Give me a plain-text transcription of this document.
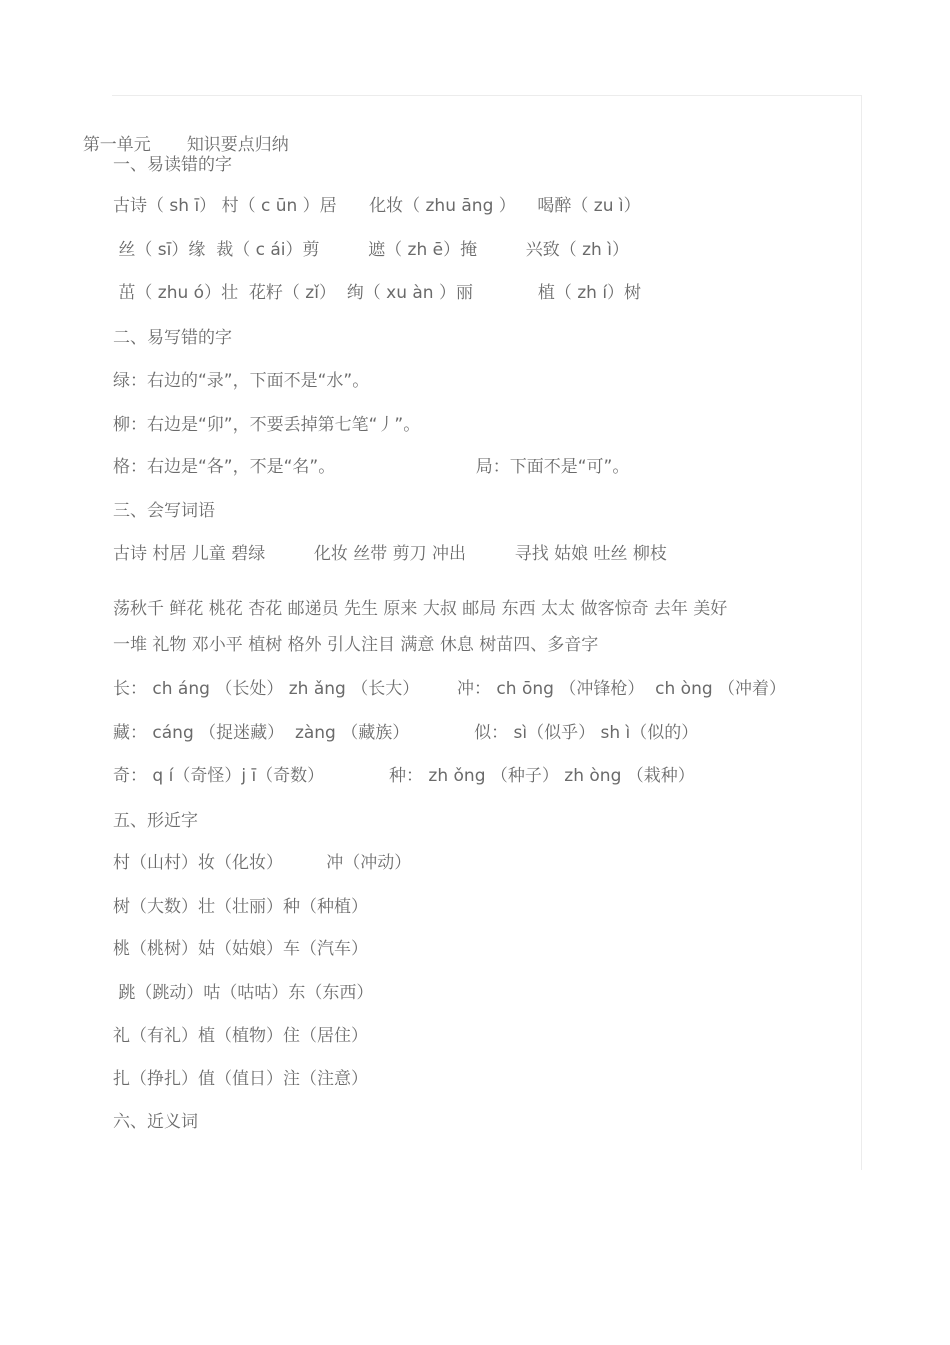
第一单元 知识要点归纳

一、易读错的字
古诗（ sh ī） 村（ c ūn ）居      化妆（ zhu āng ）    喝醉（ zu ì）
丝（ sī）缘  裁（ c ái）剪         遮（ zh ē）掩         兴致（ zh ì）
茁（ zhu ó）壮  花籽（ zǐ）  绚（ xu àn ）丽            植（ zh í）树
二、易写错的字
绿：右边的“录”，下面不是“水”。
柳：右边是“卯”，不要丢掉第七笔“丿”。
格：右边是“各”，不是“名”。                          局：下面不是“可”。
三、会写词语
古诗 村居 儿童 碧绿         化妆 丝带 剪刀 冲出         寻找 姑娘 吐丝 柳枝
荡秋千 鲜花 桃花 杏花 邮递员 先生 原来 大叔 邮局 东西 太太 做客惊奇 去年 美好
一堆 礼物 邓小平 植树 格外 引人注目 满意 休息 树苗四、多音字
长： ch áng （长处） zh ǎng （长大）       冲： ch ōng （冲锋枪）  ch òng （冲着）
藏： cáng （捉迷藏）  zàng （藏族）            似： sì（似乎） sh ì（似的）
奇： q í（奇怪）j ī（奇数）            种： zh ǒng （种子） zh òng （栽种）
五、形近字
村（山村）妆（化妆）        冲（冲动）
树（大数）壮（壮丽）种（种植）
桃（桃树）姑（姑娘）车（汽车）
跳（跳动）咕（咕咕）东（东西）
礼（有礼）植（植物）住（居住）
扎（挣扎）值（值日）注（注意）
六、近义词
